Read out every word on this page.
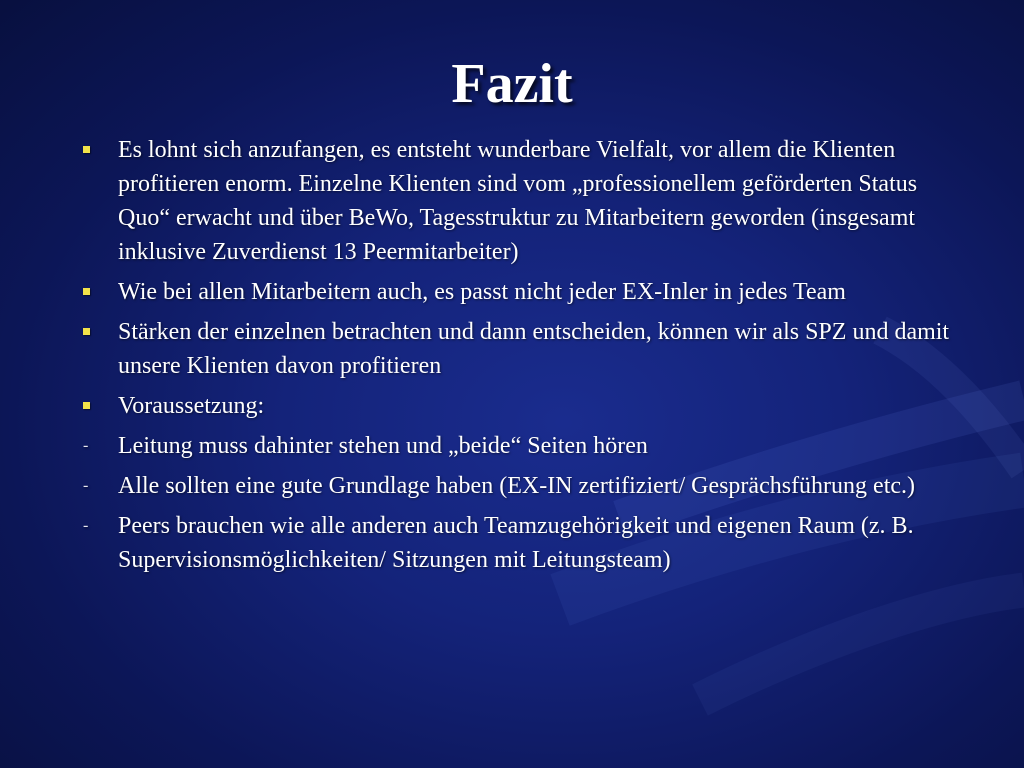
Fazit
Es lohnt sich anzufangen, es entsteht wunderbare Vielfalt, vor allem die Klienten profitieren enorm. Einzelne Klienten sind vom „professionellem geförderten Status Quo“ erwacht und über BeWo, Tagesstruktur zu Mitarbeitern geworden (insgesamt inklusive Zuverdienst 13 Peermitarbeiter)
Wie bei allen Mitarbeitern auch, es passt nicht jeder EX-Inler in jedes Team
Stärken der einzelnen betrachten und dann entscheiden, können wir als SPZ und damit unsere Klienten davon profitieren
Voraussetzung:
-
Leitung muss dahinter stehen und „beide“ Seiten hören
-
Alle sollten eine gute Grundlage haben (EX-IN zertifiziert/ Gesprächsführung etc.)
-
Peers brauchen wie alle anderen auch Teamzugehörigkeit und eigenen Raum (z. B. Supervisionsmöglichkeiten/ Sitzungen mit Leitungsteam)
